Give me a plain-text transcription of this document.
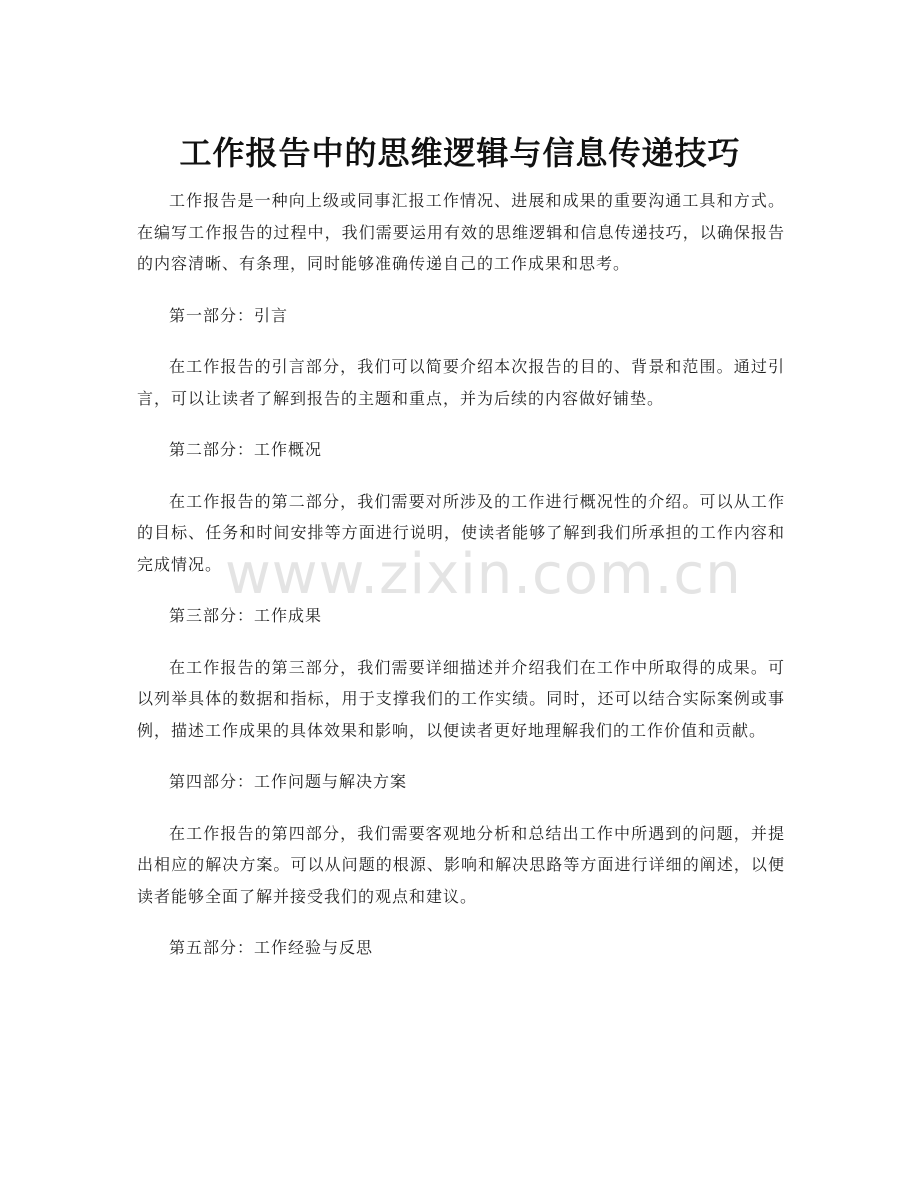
工作报告中的思维逻辑与信息传递技巧

工作报告是一种向上级或同事汇报工作情况、进展和成果的重要沟通工具和方式。在编写工作报告的过程中，我们需要运用有效的思维逻辑和信息传递技巧，以确保报告的内容清晰、有条理，同时能够准确传递自己的工作成果和思考。

第一部分：引言

在工作报告的引言部分，我们可以简要介绍本次报告的目的、背景和范围。通过引言，可以让读者了解到报告的主题和重点，并为后续的内容做好铺垫。

第二部分：工作概况

在工作报告的第二部分，我们需要对所涉及的工作进行概况性的介绍。可以从工作的目标、任务和时间安排等方面进行说明，使读者能够了解到我们所承担的工作内容和完成情况。

第三部分：工作成果

在工作报告的第三部分，我们需要详细描述并介绍我们在工作中所取得的成果。可以列举具体的数据和指标，用于支撑我们的工作实绩。同时，还可以结合实际案例或事例，描述工作成果的具体效果和影响，以便读者更好地理解我们的工作价值和贡献。

第四部分：工作问题与解决方案

在工作报告的第四部分，我们需要客观地分析和总结出工作中所遇到的问题，并提出相应的解决方案。可以从问题的根源、影响和解决思路等方面进行详细的阐述，以便读者能够全面了解并接受我们的观点和建议。

第五部分：工作经验与反思

www.zixin.com.cn
